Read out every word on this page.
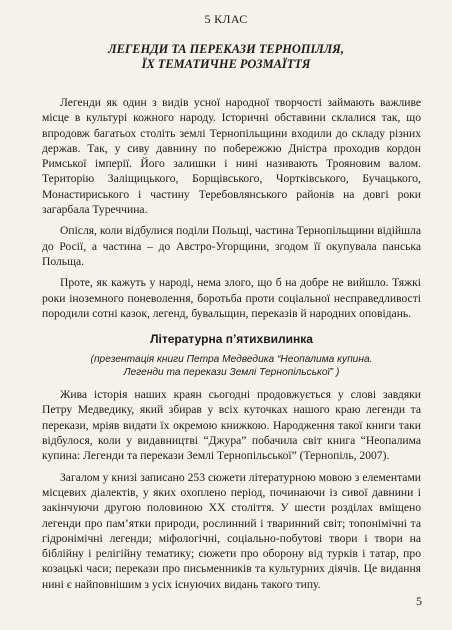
5 КЛАС
ЛЕГЕНДИ ТА ПЕРЕКАЗИ ТЕРНОПІЛЛЯ,
ЇХ ТЕМАТИЧНЕ РОЗМАЇТТЯ

Легенди як один з видів усної народної творчості займають важливе місце в культурі кожного народу. Історичні обставини склалися так, що впродовж багатьох століть землі Тернопільщини входили до складу різних держав. Так, у сиву давнину по побережжю Дністра проходив кордон Римської імперії. Його залишки і нині називають Трояновим валом. Територію Заліщицького, Борщівського, Чортківського, Бучацького, Монастириського і частину Теребовлянського районів на довгі роки загарбала Туреччина.

Опісля, коли відбулися поділи Польщі, частина Тернопільщини відійшла до Росії, а частина – до Австро-Угорщини, згодом її окупувала панська Польща.

Проте, як кажуть у народі, нема злого, що б на добре не вийшло. Тяжкі роки іноземного поневолення, боротьба проти соціальної несправедливості породили сотні казок, легенд, бувальщин, переказів й народних оповідань.

Літературна п’ятихвилинка
(презентація книги Петра Медведика “Неопалима купина.
Легенди та перекази Землі Тернопільської” )

Жива історія наших краян сьогодні продовжується у слові завдяки Петру Медведику, який збирав у всіх куточках нашого краю легенди та перекази, мріяв видати їх окремою книжкою. Народження такої книги таки відбулося, коли у видавництві “Джура” побачила світ книга “Неопалима купина: Легенди та перекази Землі Тернопільської” (Тернопіль, 2007).

Загалом у книзі записано 253 сюжети літературною мовою з елементами місцевих діалектів, у яких охоплено період, починаючи із сивої давнини і закінчуючи другою половиною XX століття. У шести розділах вміщено легенди про пам’ятки природи, рослинний і тваринний світ; топонімічні та гідронімічні легенди; міфологічні, соціально-побутові твори і твори на біблійну і релігійну тематику; сюжети про оборону від турків і татар, про козацькі часи; перекази про письменників та культурних діячів. Це видання нині є найповнішим з усіх існуючих видань такого типу.

5
